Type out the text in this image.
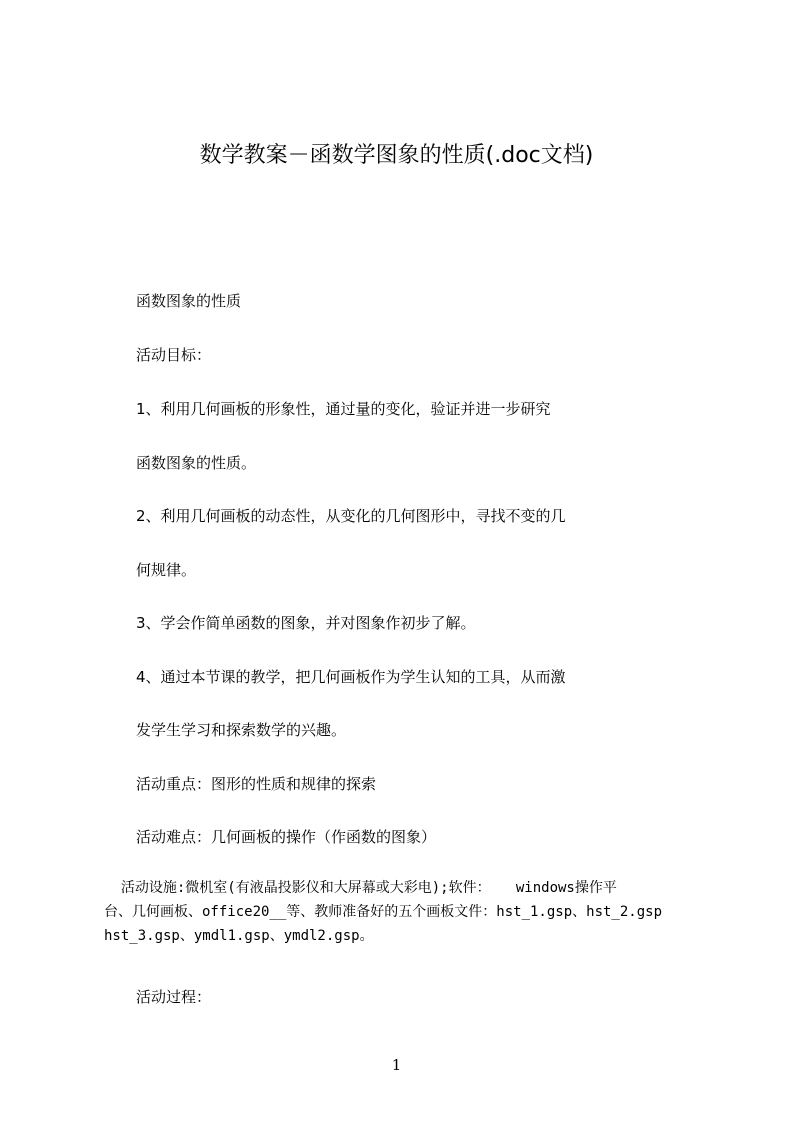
数学教案－函数学图象的性质(.doc文档)
函数图象的性质
活动目标：
1、利用几何画板的形象性，通过量的变化，验证并进一步研究
函数图象的性质。
2、利用几何画板的动态性，从变化的几何图形中，寻找不变的几
何规律。
3、学会作简单函数的图象，并对图象作初步了解。
4、通过本节课的教学，把几何画板作为学生认知的工具，从而激
发学生学习和探索数学的兴趣。
活动重点：图形的性质和规律的探索
活动难点：几何画板的操作（作函数的图象）
活动设施:微机室(有液晶投影仪和大屏幕或大彩电);软件：   windows操作平
台、几何画板、office20__等、教师准备好的五个画板文件：hst_1.gsp、hst_2.gsp
hst_3.gsp、ymdl1.gsp、ymdl2.gsp。
活动过程：
1
